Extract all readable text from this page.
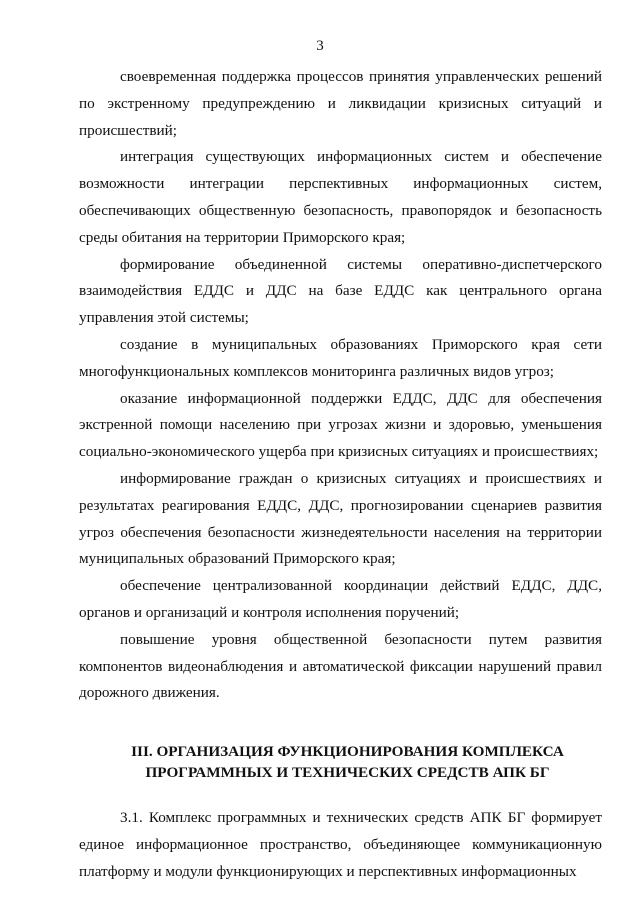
3

своевременная поддержка процессов принятия управленческих решений по экстренному предупреждению и ликвидации кризисных ситуаций и происшествий;

интеграция существующих информационных систем и обеспечение возможности интеграции перспективных информационных систем, обеспечивающих общественную безопасность, правопорядок и безопасность среды обитания на территории Приморского края;

формирование объединенной системы оперативно-диспетчерского взаимодействия ЕДДС и ДДС на базе ЕДДС как центрального органа управления этой системы;

создание в муниципальных образованиях Приморского края сети многофункциональных комплексов мониторинга различных видов угроз;

оказание информационной поддержки ЕДДС, ДДС для обеспечения экстренной помощи населению при угрозах жизни и здоровью, уменьшения социально-экономического ущерба при кризисных ситуациях и происшествиях;

информирование граждан о кризисных ситуациях и происшествиях и результатах реагирования ЕДДС, ДДС, прогнозировании сценариев развития угроз обеспечения безопасности жизнедеятельности населения на территории муниципальных образований Приморского края;

обеспечение централизованной координации действий ЕДДС, ДДС, органов и организаций и контроля исполнения поручений;

повышение уровня общественной безопасности путем развития компонентов видеонаблюдения и автоматической фиксации нарушений правил дорожного движения.

III. ОРГАНИЗАЦИЯ ФУНКЦИОНИРОВАНИЯ КОМПЛЕКСА
ПРОГРАММНЫХ И ТЕХНИЧЕСКИХ СРЕДСТВ АПК БГ

3.1. Комплекс программных и технических средств АПК БГ формирует единое информационное пространство, объединяющее коммуникационную платформу и модули функционирующих и перспективных информационных
